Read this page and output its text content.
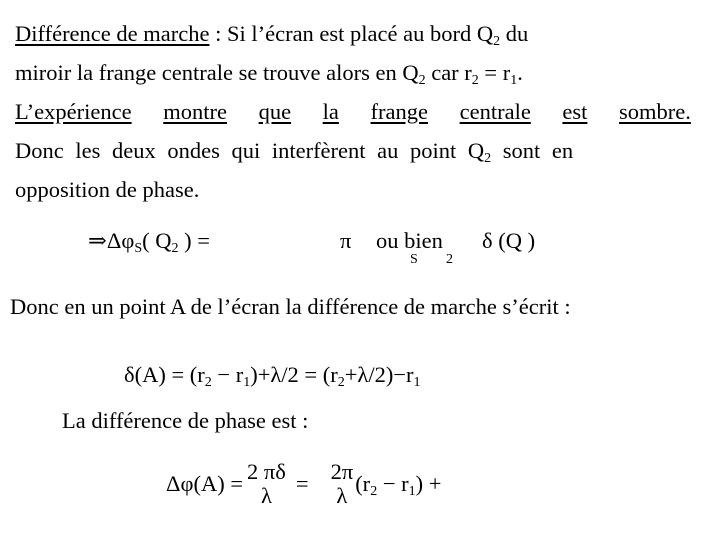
Différence de marche : Si l’écran est placé au bord $Q_2$ du
miroir la frange centrale se trouve alors en $Q_2$ car $r_2 = r_1$.
L’expérience montre que la frange centrale est sombre.
Donc les deux ondes qui interfèrent au point $Q_2$ sont en
opposition de phase.
$\Rightarrow\Delta\varphi_S$( $Q_2$ ) =	π ou bien
S 2
δ (Q )
Donc en un point A de l’écran la différence de marche s’écrit :
$\delta(A) = (r_2 - r_1)+\lambda/2 = (r_2+\lambda/2)-r_1$
La différence de phase est :
Δφ(A) = 2 πδ
λ = 2π
λ $(r_2 - r_1)$ +
